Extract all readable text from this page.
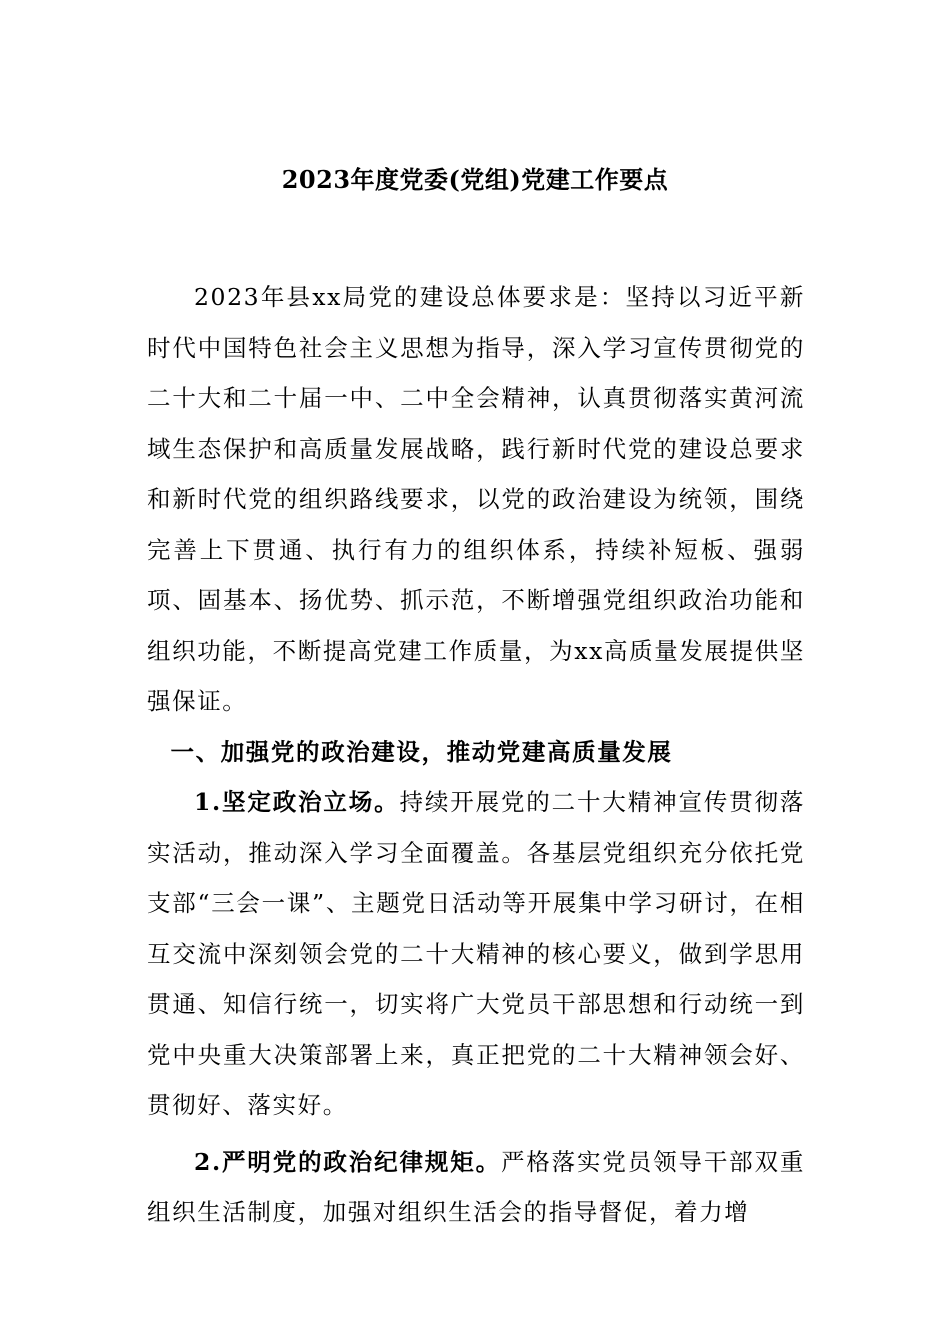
2023年度党委(党组)党建工作要点

2023年县xx局党的建设总体要求是：坚持以习近平新时代中国特色社会主义思想为指导，深入学习宣传贯彻党的二十大和二十届一中、二中全会精神，认真贯彻落实黄河流域生态保护和高质量发展战略，践行新时代党的建设总要求和新时代党的组织路线要求，以党的政治建设为统领，围绕完善上下贯通、执行有力的组织体系，持续补短板、强弱项、固基本、扬优势、抓示范，不断增强党组织政治功能和组织功能，不断提高党建工作质量，为xx高质量发展提供坚强保证。

一、加强党的政治建设，推动党建高质量发展

1.坚定政治立场。持续开展党的二十大精神宣传贯彻落实活动，推动深入学习全面覆盖。各基层党组织充分依托党支部“三会一课”、主题党日活动等开展集中学习研讨，在相互交流中深刻领会党的二十大精神的核心要义，做到学思用贯通、知信行统一，切实将广大党员干部思想和行动统一到党中央重大决策部署上来，真正把党的二十大精神领会好、贯彻好、落实好。

2.严明党的政治纪律规矩。严格落实党员领导干部双重组织生活制度，加强对组织生活会的指导督促，着力增
